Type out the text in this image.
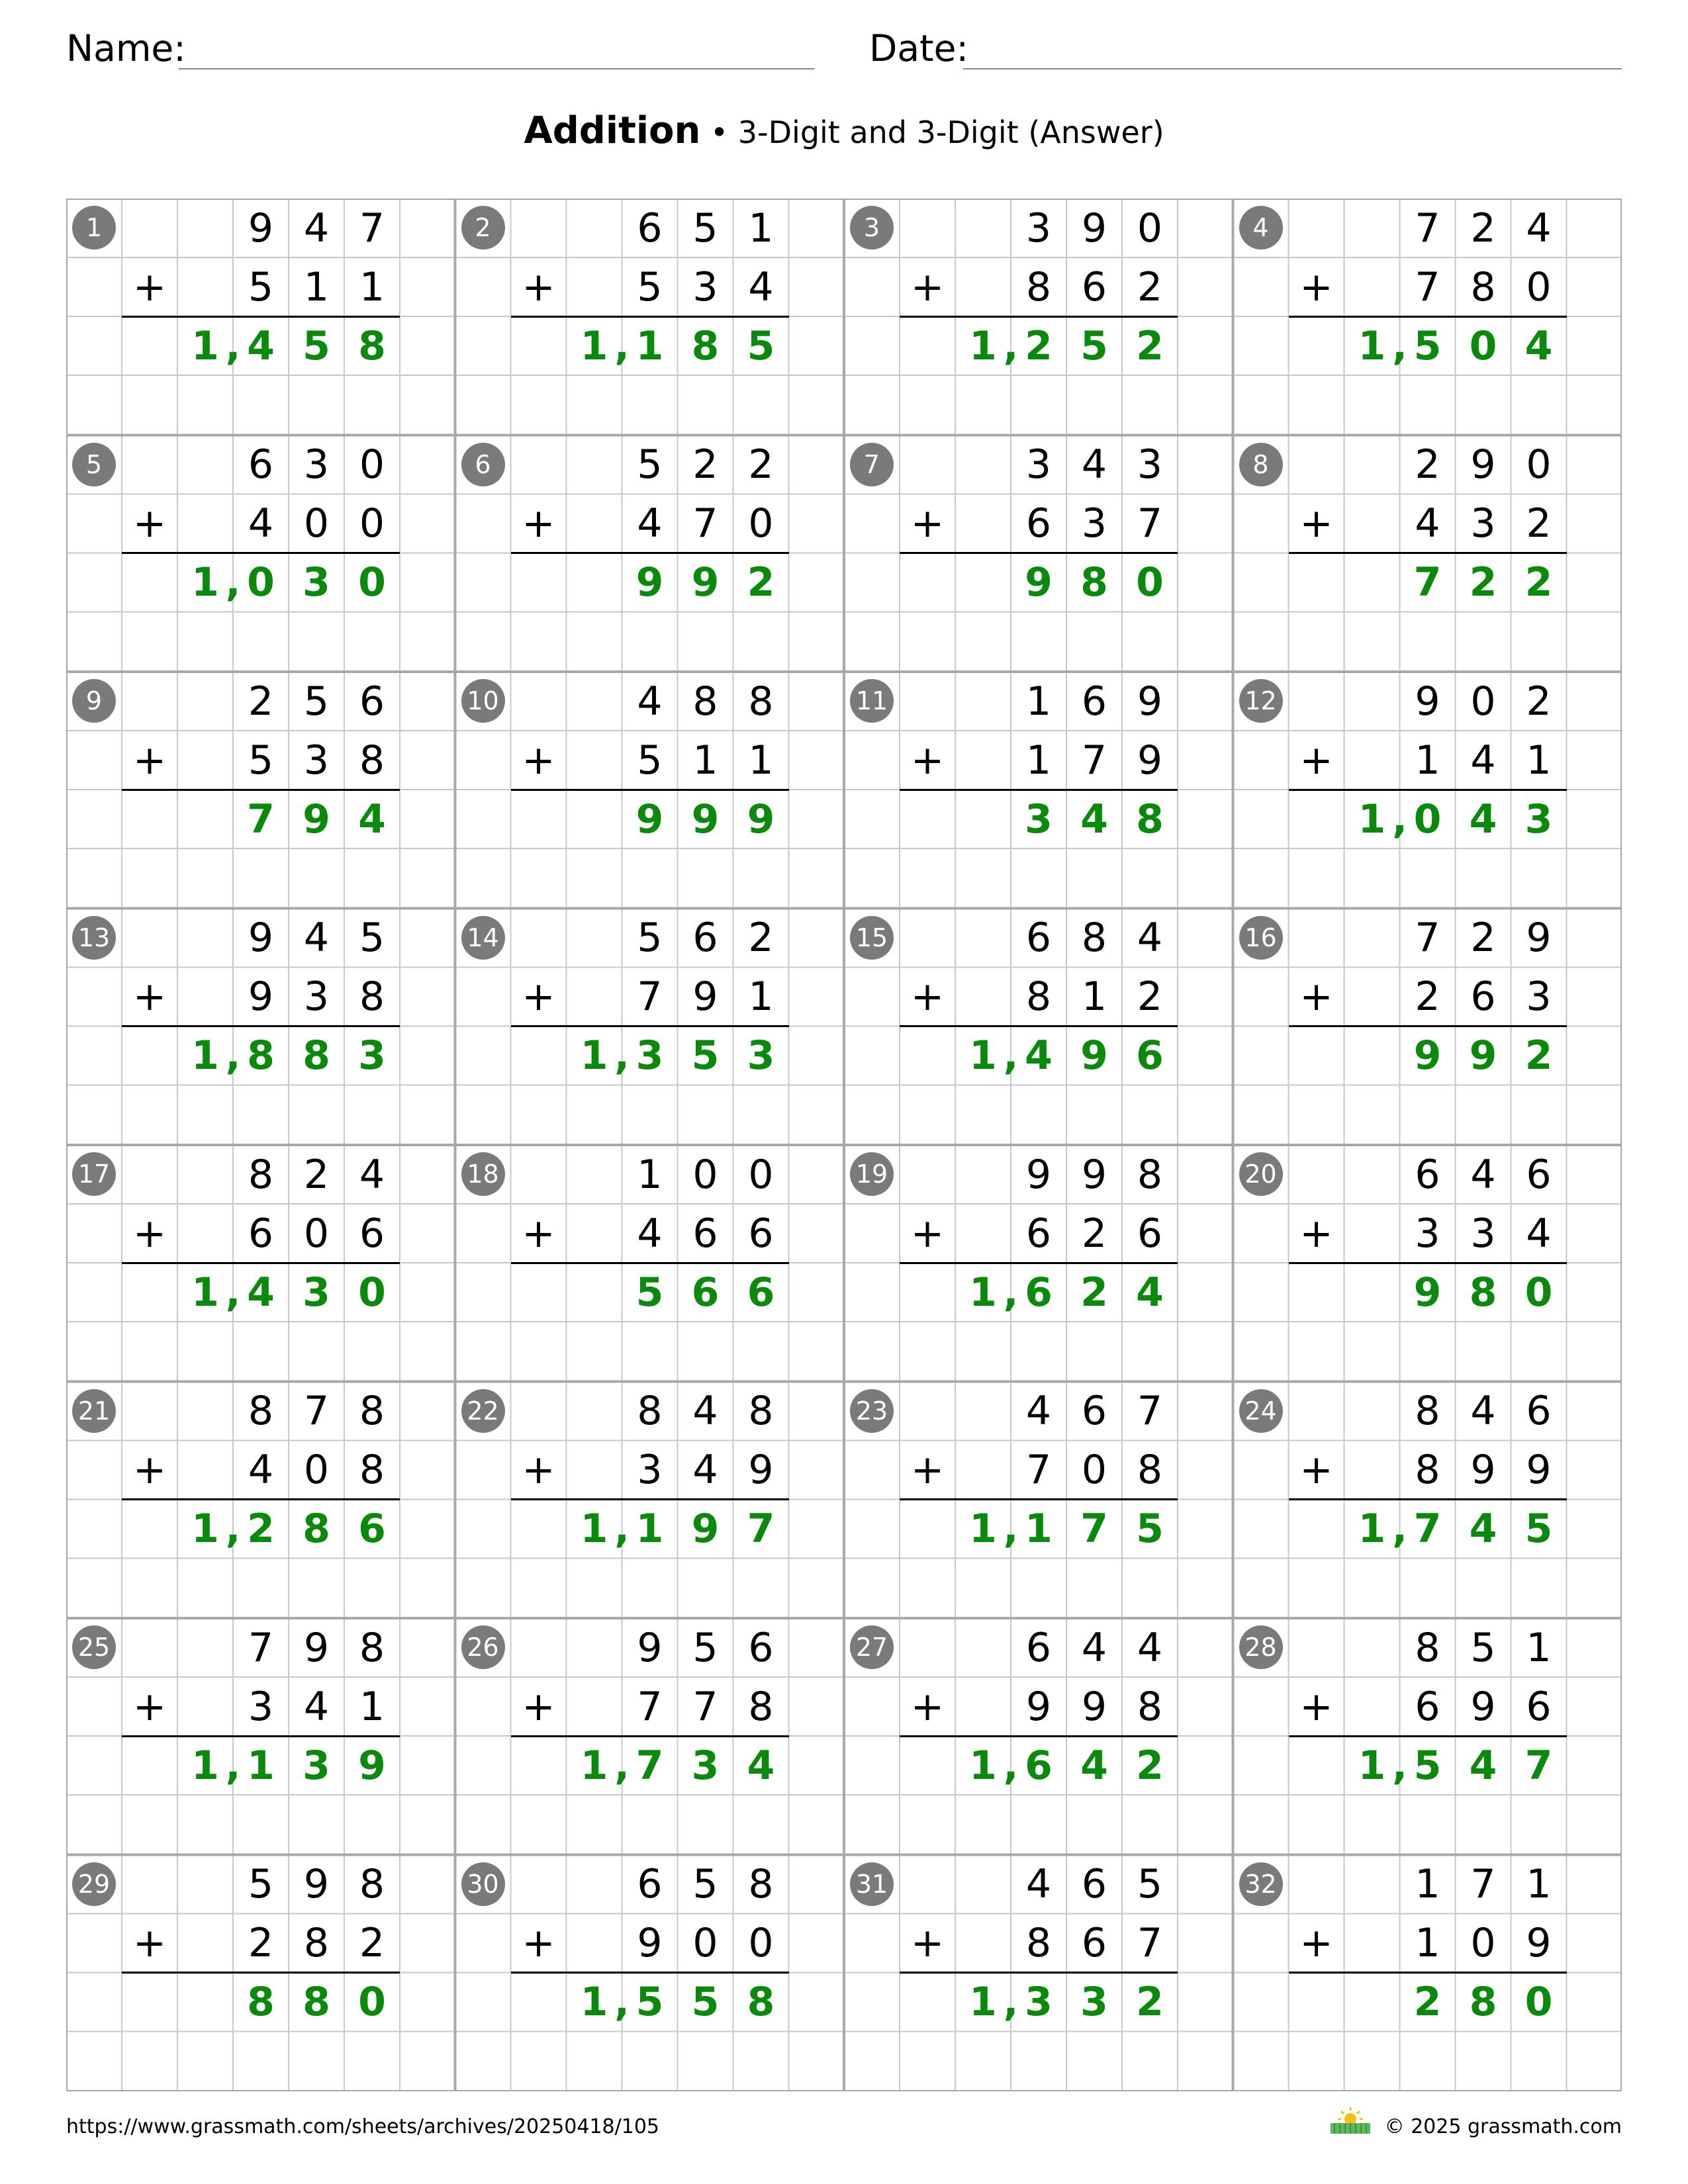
Name:	Date:
Addition • 3-Digit and 3-Digit (Answer)
1	9 4 7
+	5 1 1
1 4 5 8
,
2	6 5 1
+	5 3 4
1 1 8 5
,
3	3 9 0
+	8 6 2
1 2 5 2
,
4	7 2 4
+	7 8 0
1 5 0 4
,
5	6 3 0
+	4 0 0
1 0 3 0
,
6	5 2 2
+	4 7 0
9 9 2
7	3 4 3
+	6 3 7
9 8 0
8	2 9 0
+	4 3 2
7 2 2
9	2 5 6
+	5 3 8
7 9 4
10	4 8 8
+	5 1 1
9 9 9
11	1 6 9
+	1 7 9
3 4 8
12	9 0 2
+	1 4 1
1 0 4 3
,
13	9 4 5
+	9 3 8
1 8 8 3
,
14	5 6 2
+	7 9 1
1 3 5 3
,
15	6 8 4
+	8 1 2
1 4 9 6
,
16	7 2 9
+	2 6 3
9 9 2
17	8 2 4
+	6 0 6
1 4 3 0
,
18	1 0 0
+	4 6 6
5 6 6
19	9 9 8
+	6 2 6
1 6 2 4
,
20	6 4 6
+	3 3 4
9 8 0
21	8 7 8
+	4 0 8
1 2 8 6
,
22	8 4 8
+	3 4 9
1 1 9 7
,
23	4 6 7
+	7 0 8
1 1 7 5
,
24	8 4 6
+	8 9 9
1 7 4 5
,
25	7 9 8
+	3 4 1
1 1 3 9
,
26	9 5 6
+	7 7 8
1 7 3 4
,
27	6 4 4
+	9 9 8
1 6 4 2
,
28	8 5 1
+	6 9 6
1 5 4 7
,
29	5 9 8
+	2 8 2
8 8 0
30	6 5 8
+	9 0 0
1 5 5 8
,
31	4 6 5
+	8 6 7
1 3 3 2
,
32	1 7 1
+	1 0 9
2 8 0
https://www.grassmath.com/sheets/archives/20250418/105	© 2025 grassmath.com
